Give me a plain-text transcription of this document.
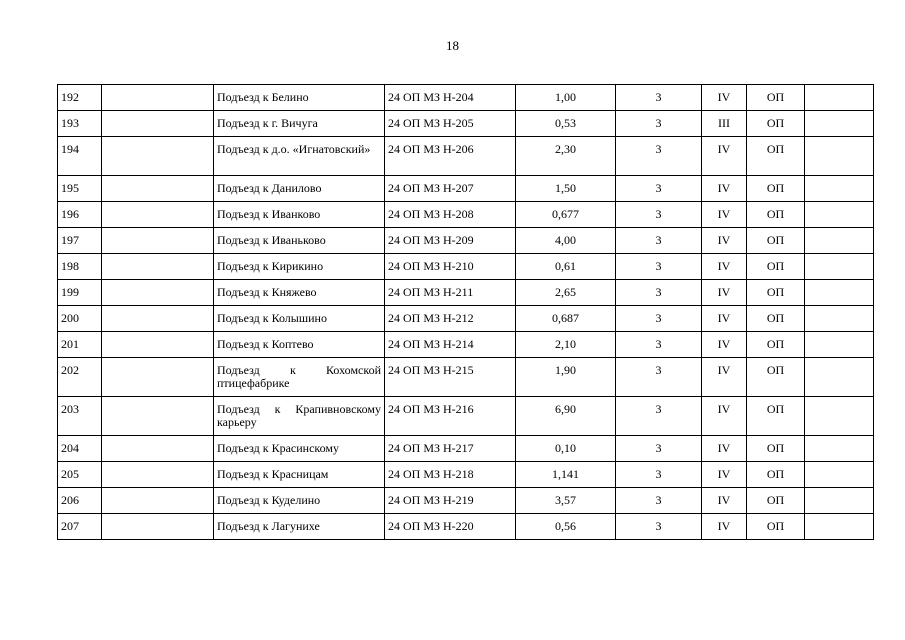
18
192		Подъезд к Белино	24 ОП МЗ Н-204	1,00	3	IV	ОП	
193		Подъезд к г. Вичуга	24 ОП МЗ Н-205	0,53	3	III	ОП	
194		Подъезд к д.о. «Игнатовский»	24 ОП МЗ Н-206	2,30	3	IV	ОП	
195		Подъезд к Данилово	24 ОП МЗ Н-207	1,50	3	IV	ОП	
196		Подъезд к Иванково	24 ОП МЗ Н-208	0,677	3	IV	ОП	
197		Подъезд к Иваньково	24 ОП МЗ Н-209	4,00	3	IV	ОП	
198		Подъезд к Кирикино	24 ОП МЗ Н-210	0,61	3	IV	ОП	
199		Подъезд к Княжево	24 ОП МЗ Н-211	2,65	3	IV	ОП	
200		Подъезд к Колышино	24 ОП МЗ Н-212	0,687	3	IV	ОП	
201		Подъезд к Коптево	24 ОП МЗ Н-214	2,10	3	IV	ОП	
202		Подъезд к Кохомской птицефабрике	24 ОП МЗ Н-215	1,90	3	IV	ОП	
203		Подъезд к Крапивновскому карьеру	24 ОП МЗ Н-216	6,90	3	IV	ОП	
204		Подъезд к Красинскому	24 ОП МЗ Н-217	0,10	3	IV	ОП	
205		Подъезд к Красницам	24 ОП МЗ Н-218	1,141	3	IV	ОП	
206		Подъезд к Куделино	24 ОП МЗ Н-219	3,57	3	IV	ОП	
207		Подъезд к Лагунихе	24 ОП МЗ Н-220	0,56	3	IV	ОП	
